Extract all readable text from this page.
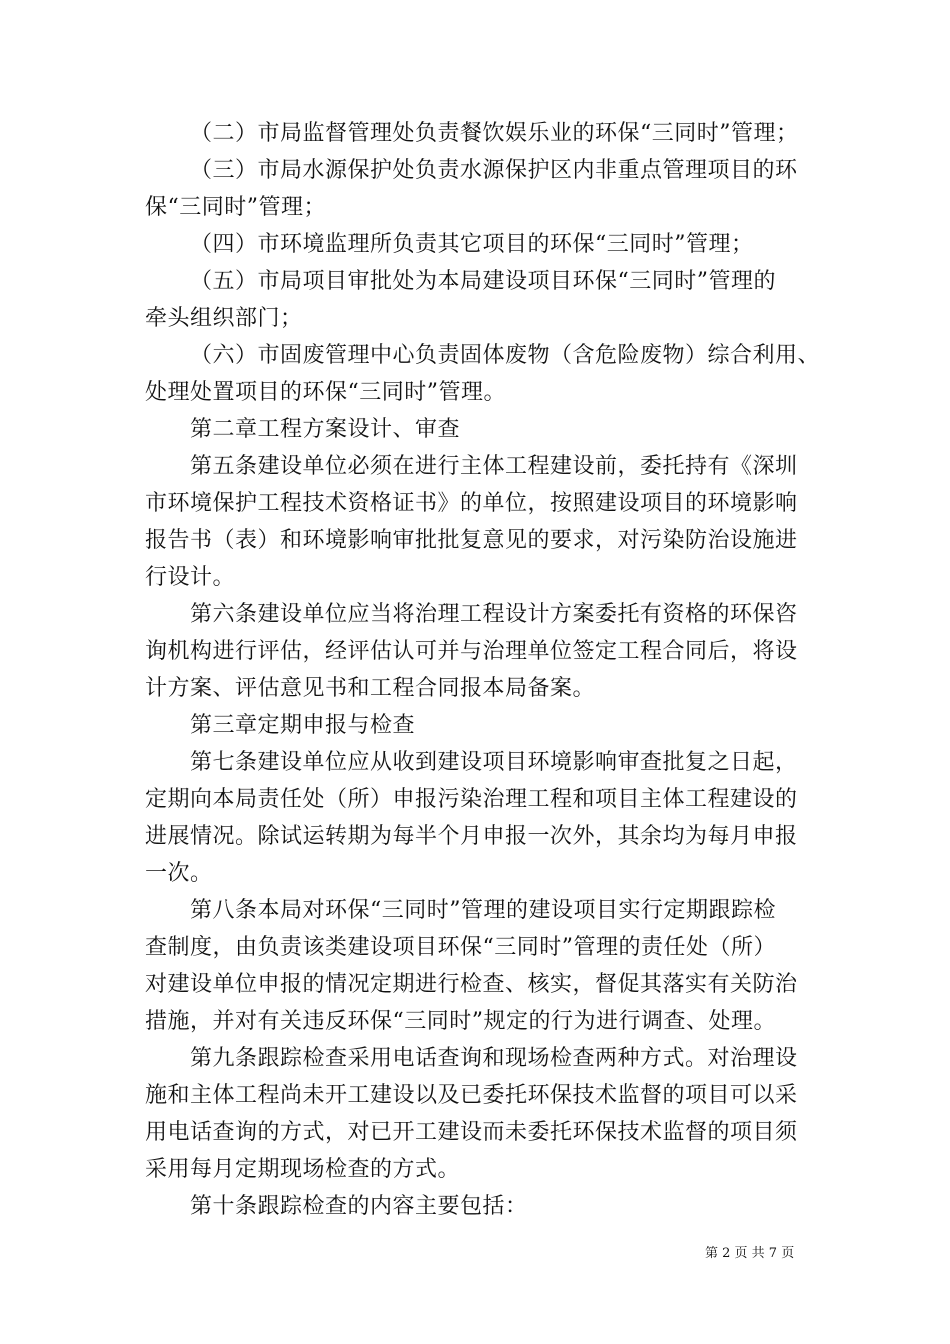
（二）市局监督管理处负责餐饮娱乐业的环保“三同时”管理；
（三）市局水源保护处负责水源保护区内非重点管理项目的环
保“三同时”管理；
（四）市环境监理所负责其它项目的环保“三同时”管理；
（五）市局项目审批处为本局建设项目环保“三同时”管理的
牵头组织部门；
（六）市固废管理中心负责固体废物（含危险废物）综合利用、
处理处置项目的环保“三同时”管理。
第二章工程方案设计、审查
第五条建设单位必须在进行主体工程建设前，委托持有《深圳
市环境保护工程技术资格证书》的单位，按照建设项目的环境影响
报告书（表）和环境影响审批批复意见的要求，对污染防治设施进
行设计。
第六条建设单位应当将治理工程设计方案委托有资格的环保咨
询机构进行评估，经评估认可并与治理单位签定工程合同后，将设
计方案、评估意见书和工程合同报本局备案。
第三章定期申报与检查
第七条建设单位应从收到建设项目环境影响审查批复之日起，
定期向本局责任处（所）申报污染治理工程和项目主体工程建设的
进展情况。除试运转期为每半个月申报一次外，其余均为每月申报
一次。
第八条本局对环保“三同时”管理的建设项目实行定期跟踪检
查制度，由负责该类建设项目环保“三同时”管理的责任处（所）
对建设单位申报的情况定期进行检查、核实，督促其落实有关防治
措施，并对有关违反环保“三同时”规定的行为进行调查、处理。
第九条跟踪检查采用电话查询和现场检查两种方式。对治理设
施和主体工程尚未开工建设以及已委托环保技术监督的项目可以采
用电话查询的方式，对已开工建设而未委托环保技术监督的项目须
采用每月定期现场检查的方式。
第十条跟踪检查的内容主要包括：
第 2 页 共 7 页
